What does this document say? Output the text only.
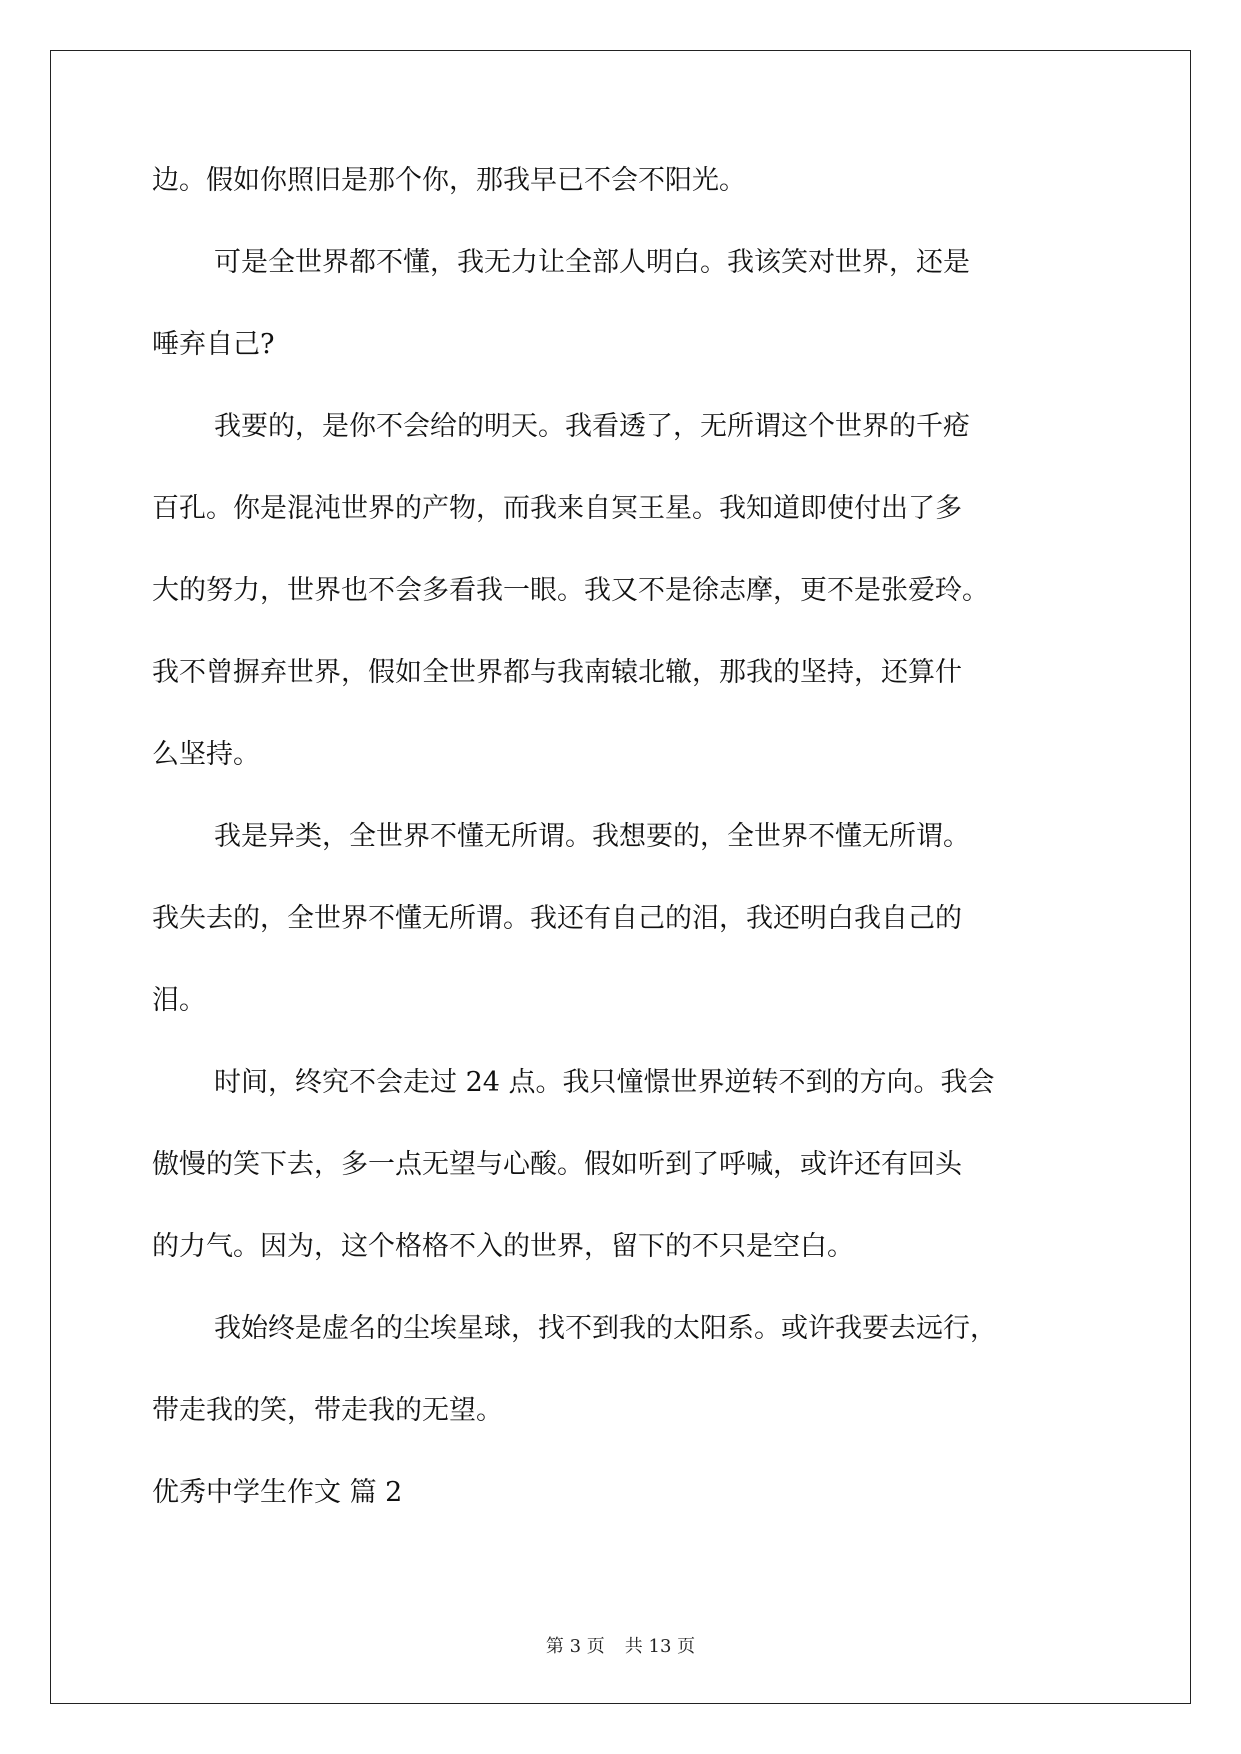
边。假如你照旧是那个你，那我早已不会不阳光。
可是全世界都不懂，我无力让全部人明白。我该笑对世界，还是
唾弃自己?
我要的，是你不会给的明天。我看透了，无所谓这个世界的千疮
百孔。你是混沌世界的产物，而我来自冥王星。我知道即使付出了多
大的努力，世界也不会多看我一眼。我又不是徐志摩，更不是张爱玲。
我不曾摒弃世界，假如全世界都与我南辕北辙，那我的坚持，还算什
么坚持。
我是异类，全世界不懂无所谓。我想要的，全世界不懂无所谓。
我失去的，全世界不懂无所谓。我还有自己的泪，我还明白我自己的
泪。
时间，终究不会走过 24 点。我只憧憬世界逆转不到的方向。我会
傲慢的笑下去，多一点无望与心酸。假如听到了呼喊，或许还有回头
的力气。因为，这个格格不入的世界，留下的不只是空白。
我始终是虚名的尘埃星球，找不到我的太阳系。或许我要去远行，
带走我的笑，带走我的无望。
优秀中学生作文 篇 2
第 3 页 共 13 页
